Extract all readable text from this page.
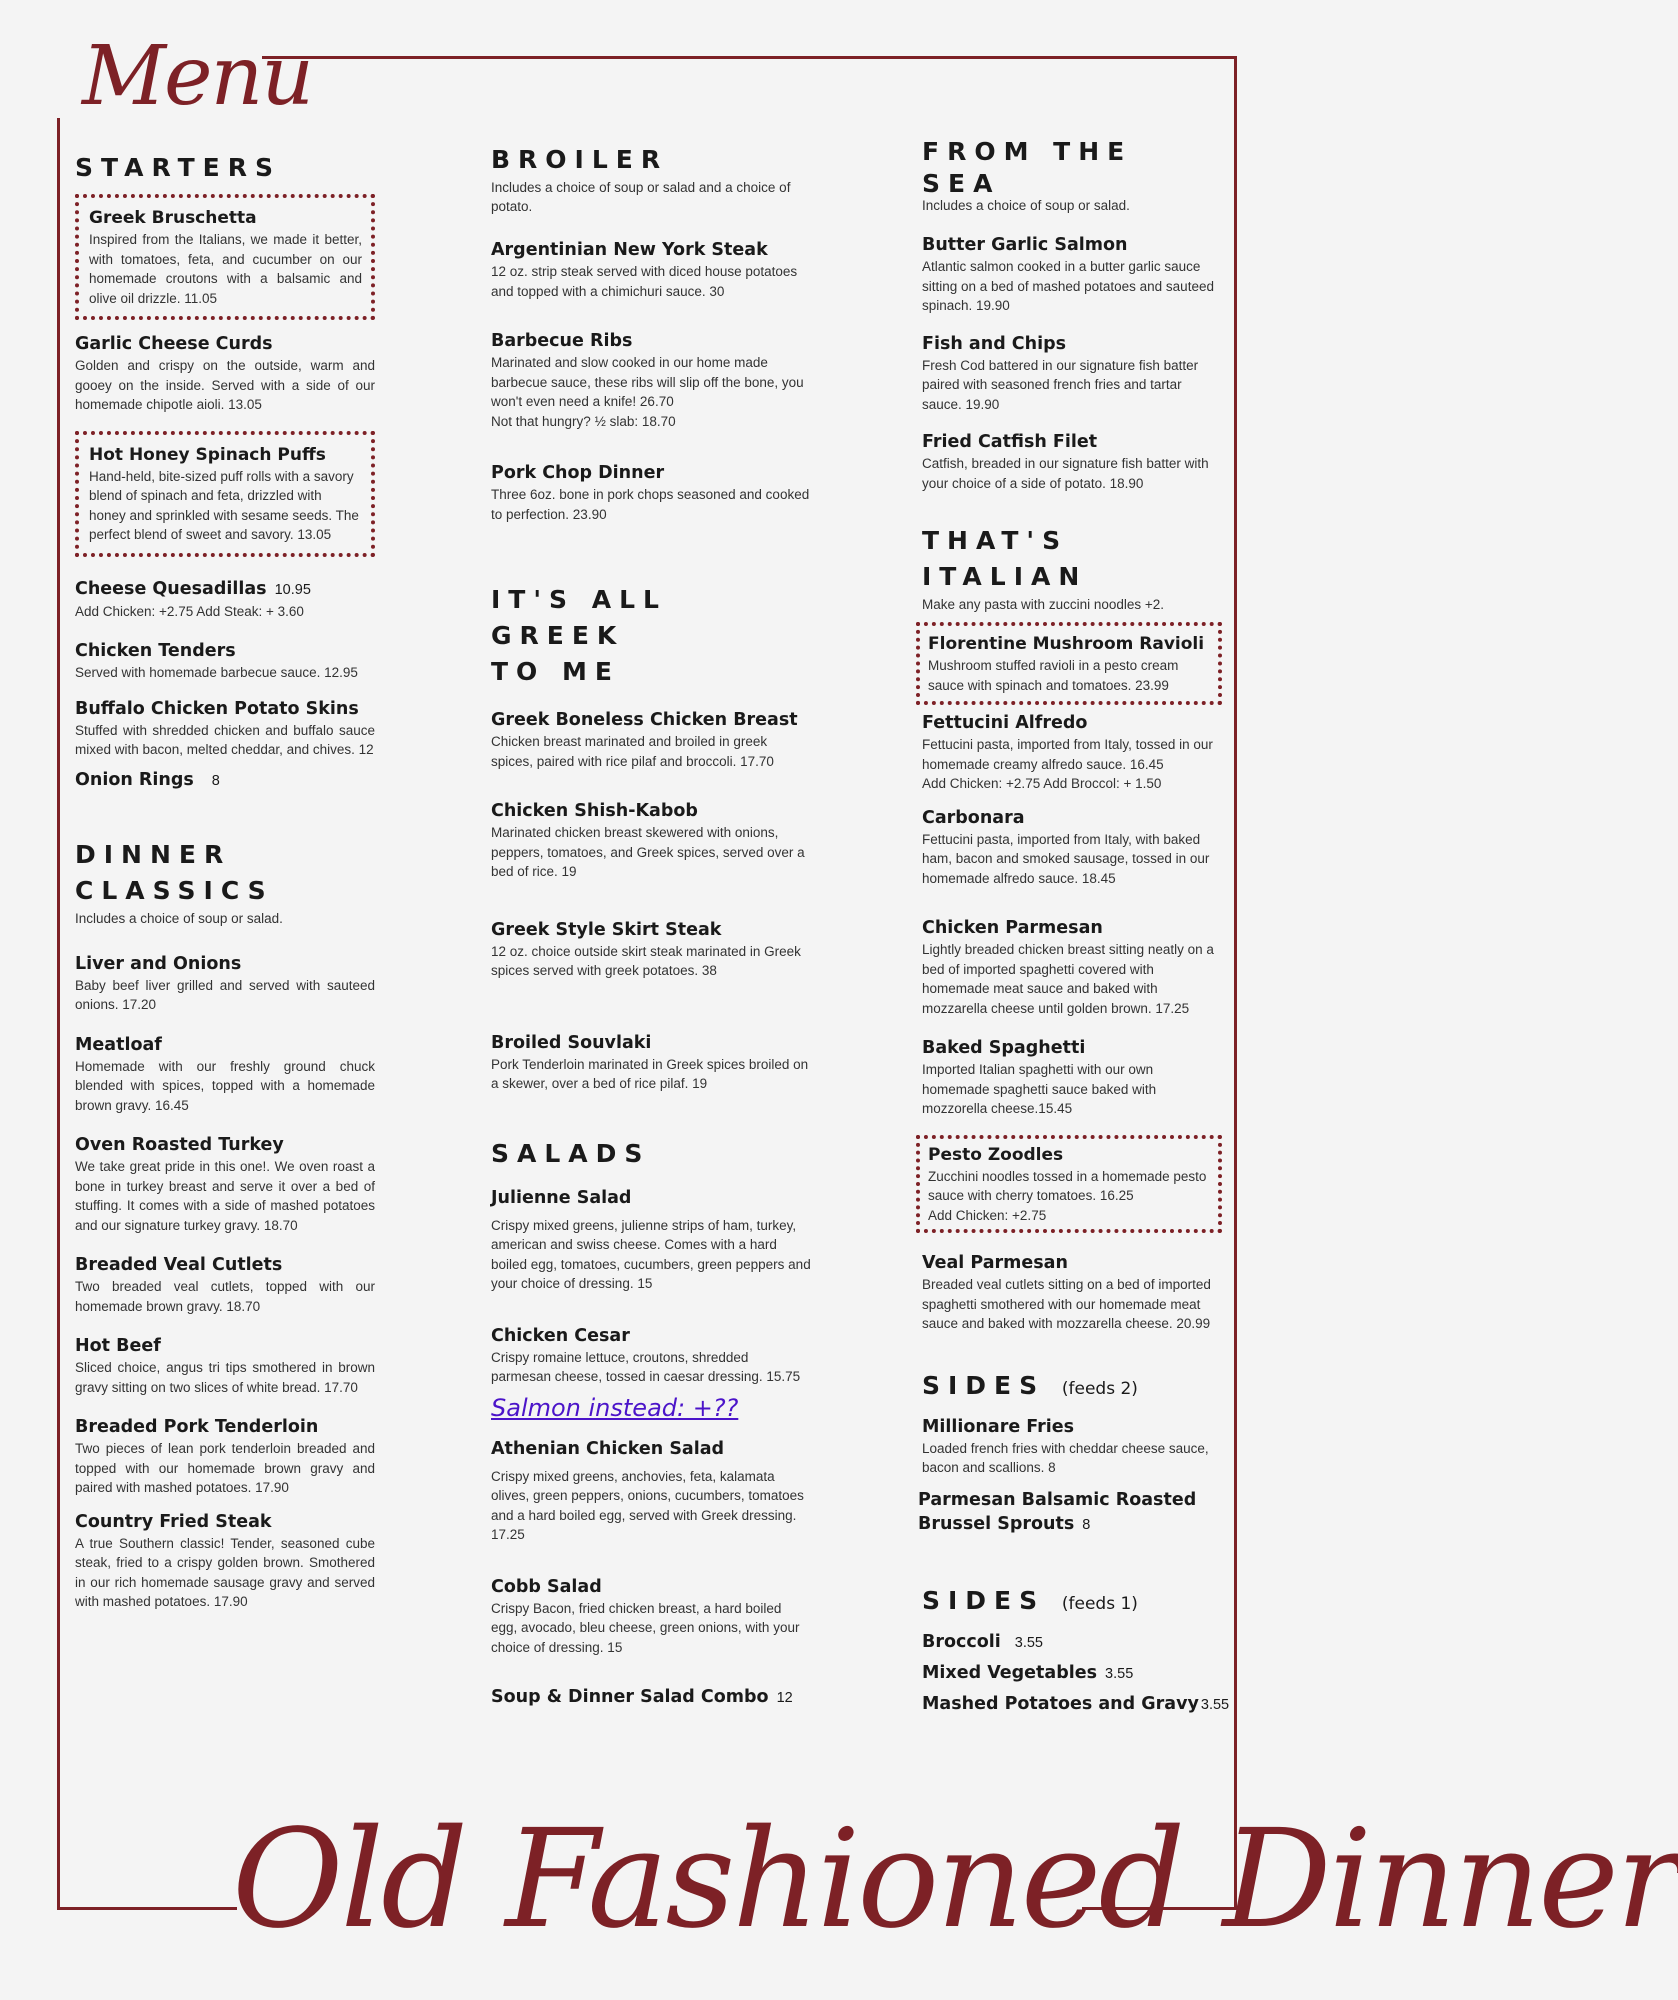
Menu
Old Fashioned Dinner
STARTERS

Greek Bruschetta

Inspired from the Italians, we made it better, with tomatoes, feta, and cucumber on our homemade croutons with a balsamic and olive oil drizzle. 11.05

Garlic Cheese Curds

Golden and crispy on the outside, warm and gooey on the inside. Served with a side of our homemade chipotle aioli. 13.05

Hot Honey Spinach Puffs

Hand-held, bite-sized puff rolls with a savory blend of spinach and feta, drizzled with honey and sprinkled with sesame seeds. The perfect blend of sweet and savory. 13.05

Cheese Quesadillas 10.95

Add Chicken: +2.75 Add Steak: + 3.60

Chicken Tenders

Served with homemade barbecue sauce. 12.95

Buffalo Chicken Potato Skins

Stuffed with shredded chicken and buffalo sauce mixed with bacon, melted cheddar, and chives. 12

Onion Rings 8

DINNER
CLASSICS

Includes a choice of soup or salad.

Liver and Onions

Baby beef liver grilled and served with sauteed onions. 17.20

Meatloaf

Homemade with our freshly ground chuck blended with spices, topped with a homemade brown gravy. 16.45

Oven Roasted Turkey

We take great pride in this one!. We oven roast a bone in turkey breast and serve it over a bed of stuffing. It comes with a side of mashed potatoes and our signature turkey gravy. 18.70

Breaded Veal Cutlets

Two breaded veal cutlets, topped with our homemade brown gravy. 18.70

Hot Beef

Sliced choice, angus tri tips smothered in brown gravy sitting on two slices of white bread. 17.70

Breaded Pork Tenderloin

Two pieces of lean pork tenderloin breaded and topped with our homemade brown gravy and paired with mashed potatoes. 17.90

Country Fried Steak

A true Southern classic! Tender, seasoned cube steak, fried to a crispy golden brown. Smothered in our rich homemade sausage gravy and served with mashed potatoes. 17.90

BROILER

Includes a choice of soup or salad and a choice of potato.

Argentinian New York Steak

12 oz. strip steak served with diced house potatoes and topped with a chimichuri sauce. 30

Barbecue Ribs

Marinated and slow cooked in our home made barbecue sauce, these ribs will slip off the bone, you won't even need a knife! 26.70

Not that hungry? ½ slab: 18.70

Pork Chop Dinner

Three 6oz. bone in pork chops seasoned and cooked to perfection. 23.90

IT'S ALL GREEK
TO ME

Greek Boneless Chicken Breast

Chicken breast marinated and broiled in greek spices, paired with rice pilaf and broccoli. 17.70

Chicken Shish-Kabob

Marinated chicken breast skewered with onions, peppers, tomatoes, and Greek spices, served over a bed of rice. 19

Greek Style Skirt Steak

12 oz. choice outside skirt steak marinated in Greek spices served with greek potatoes. 38

Broiled Souvlaki

Pork Tenderloin marinated in Greek spices broiled on a skewer, over a bed of rice pilaf. 19

SALADS

Julienne Salad

Crispy mixed greens, julienne strips of ham, turkey, american and swiss cheese. Comes with a hard boiled egg, tomatoes, cucumbers, green peppers and your choice of dressing. 15

Chicken Cesar

Crispy romaine lettuce, croutons, shredded parmesan cheese, tossed in caesar dressing. 15.75

Salmon instead: +??

Athenian Chicken Salad

Crispy mixed greens, anchovies, feta, kalamata olives, green peppers, onions, cucumbers, tomatoes and a hard boiled egg, served with Greek dressing. 17.25

Cobb Salad

Crispy Bacon, fried chicken breast, a hard boiled egg, avocado, bleu cheese, green onions, with your choice of dressing. 15

Soup & Dinner Salad Combo 12

FROM THE SEA

Includes a choice of soup or salad.

Butter Garlic Salmon

Atlantic salmon cooked in a butter garlic sauce sitting on a bed of mashed potatoes and sauteed spinach. 19.90

Fish and Chips

Fresh Cod battered in our signature fish batter paired with seasoned french fries and tartar sauce. 19.90

Fried Catfish Filet

Catfish, breaded in our signature fish batter with your choice of a side of potato. 18.90

THAT'S
ITALIAN

Make any pasta with zuccini noodles +2.

Florentine Mushroom Ravioli

Mushroom stuffed ravioli in a pesto cream sauce with spinach and tomatoes. 23.99

Fettucini Alfredo

Fettucini pasta, imported from Italy, tossed in our homemade creamy alfredo sauce. 16.45

Add Chicken: +2.75 Add Broccol: + 1.50

Carbonara

Fettucini pasta, imported from Italy, with baked ham, bacon and smoked sausage, tossed in our homemade alfredo sauce. 18.45

Chicken Parmesan

Lightly breaded chicken breast sitting neatly on a bed of imported spaghetti covered with homemade meat sauce and baked with mozzarella cheese until golden brown. 17.25

Baked Spaghetti

Imported Italian spaghetti with our own homemade spaghetti sauce baked with mozzorella cheese.15.45

Pesto Zoodles

Zucchini noodles tossed in a homemade pesto sauce with cherry tomatoes. 16.25

Add Chicken: +2.75

Veal Parmesan

Breaded veal cutlets sitting on a bed of imported spaghetti smothered with our homemade meat sauce and baked with mozzarella cheese. 20.99

SIDES (feeds 2)

Millionare Fries

Loaded french fries with cheddar cheese sauce, bacon and scallions. 8

Parmesan Balsamic Roasted

Brussel Sprouts 8

SIDES (feeds 1)

Broccoli 3.55

Mixed Vegetables 3.55

Mashed Potatoes and Gravy 3.55
